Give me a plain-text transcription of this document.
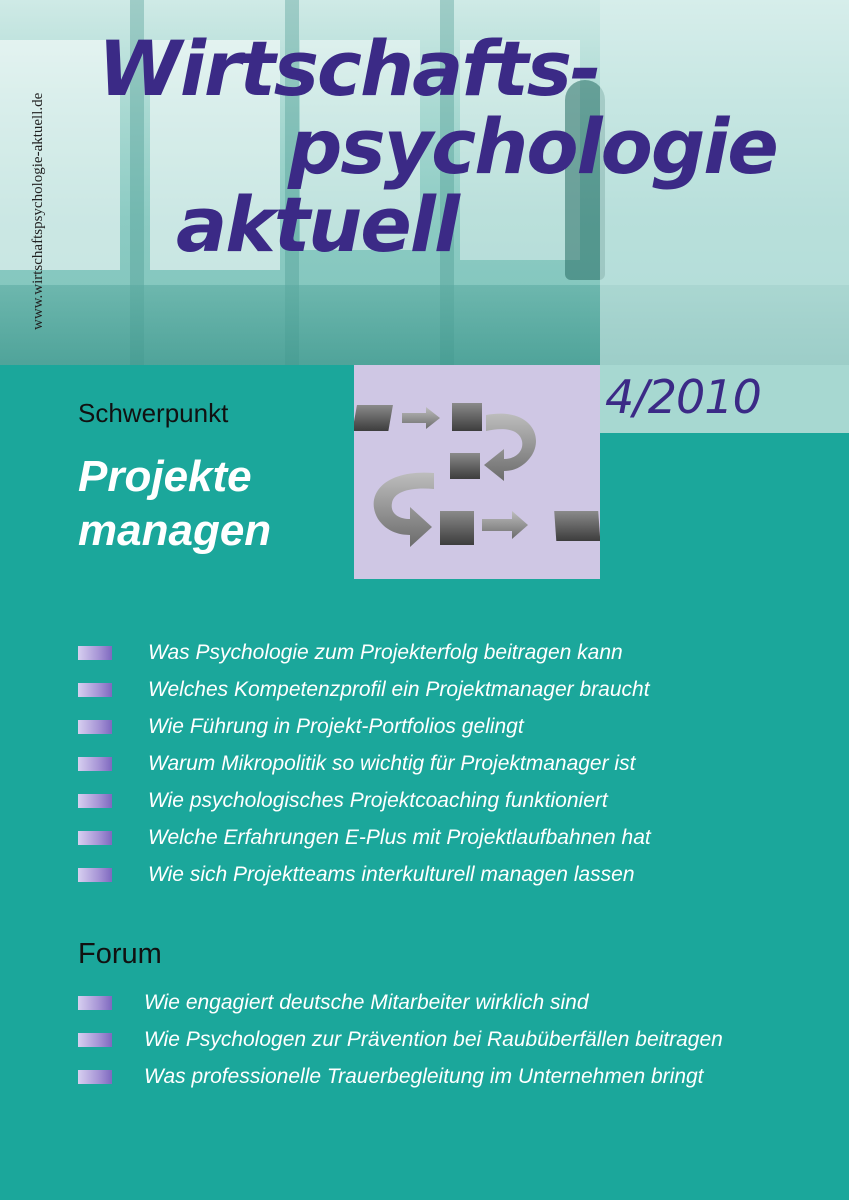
Wirtschafts-
psychologie
aktuell
www.wirtschaftspsychologie-aktuell.de
4/2010
Schwerpunkt
Projekte
managen
Was Psychologie zum Projekterfolg beitragen kann
Welches Kompetenzprofil ein Projektmanager braucht
Wie Führung in Projekt-Portfolios gelingt
Warum Mikropolitik so wichtig für Projektmanager ist
Wie psychologisches Projektcoaching funktioniert
Welche Erfahrungen E-Plus mit Projektlaufbahnen hat
Wie sich Projektteams interkulturell managen lassen
Forum
Wie engagiert deutsche Mitarbeiter wirklich sind
Wie Psychologen zur Prävention bei Raubüberfällen beitragen
Was professionelle Trauerbegleitung im Unternehmen bringt
